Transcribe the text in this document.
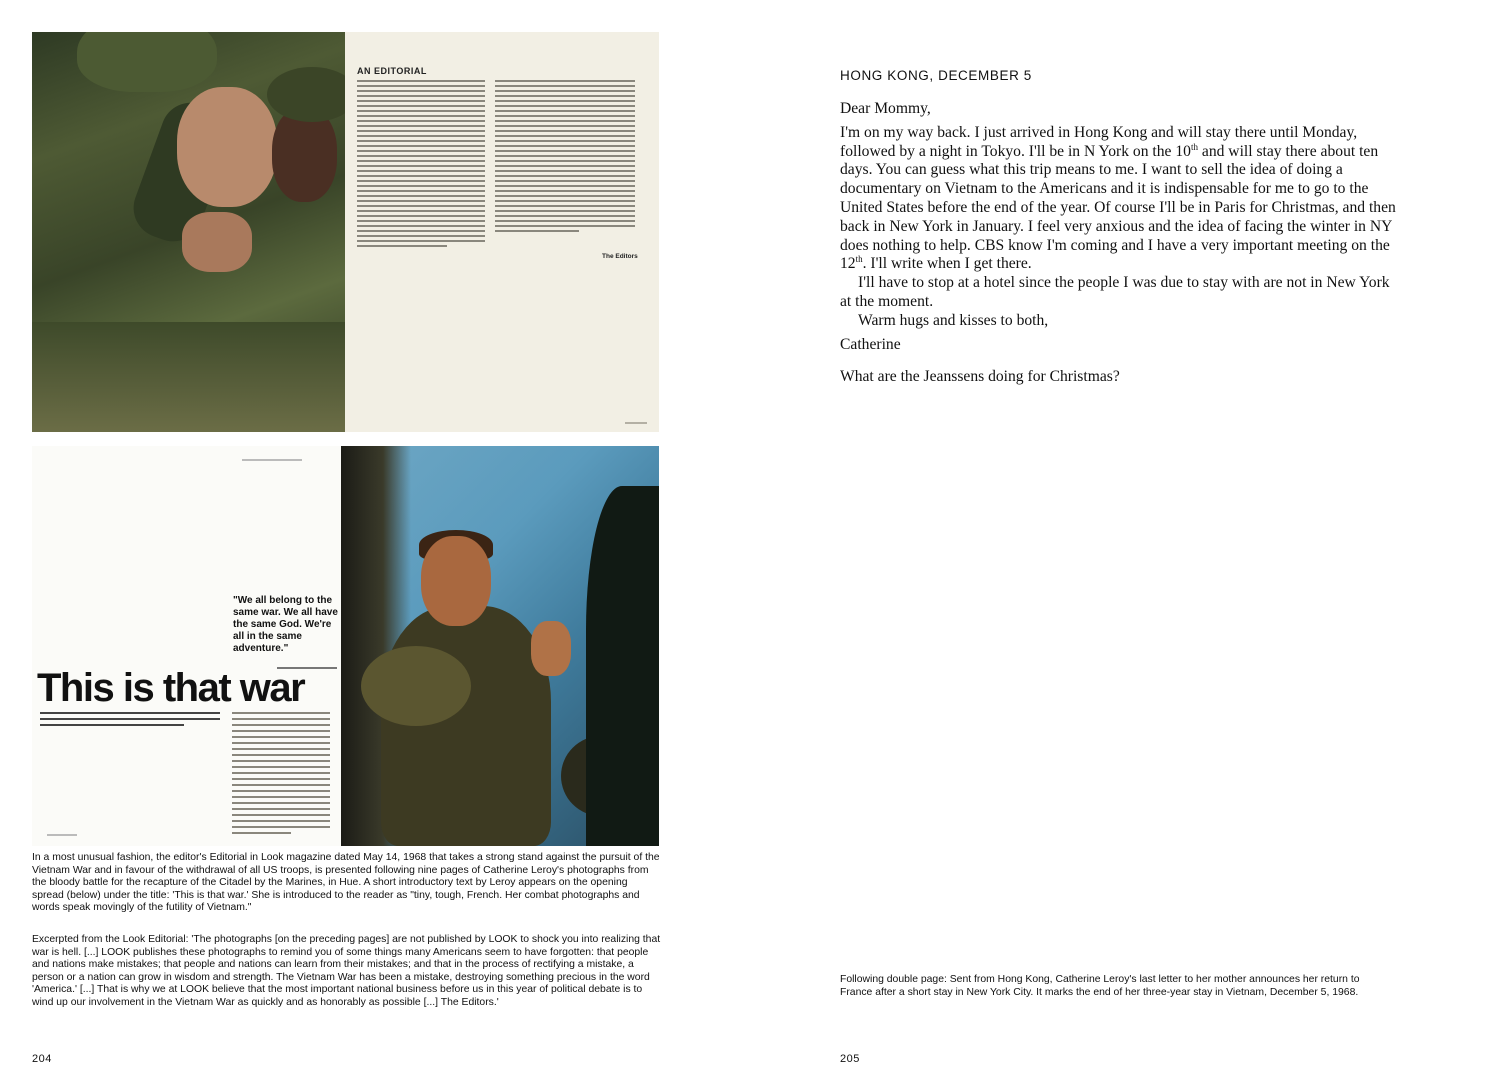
AN EDITORIAL
The Editors
"We all belong to the same war. We all have the same God. We're all in the same adventure."
This is that war

In a most unusual fashion, the editor's Editorial in Look magazine dated May 14, 1968 that takes a strong stand against the pursuit of the Vietnam War and in favour of the withdrawal of all US troops, is presented following nine pages of Catherine Leroy's photographs from the bloody battle for the recapture of the Citadel by the Marines, in Hue. A short introductory text by Leroy appears on the opening spread (below) under the title: 'This is that war.' She is introduced to the reader as "tiny, tough, French. Her combat photographs and words speak movingly of the futility of Vietnam."

Excerpted from the Look Editorial: 'The photographs [on the preceding pages] are not published by LOOK to shock you into realizing that war is hell. [...] LOOK publishes these photographs to remind you of some things many Americans seem to have forgotten: that people and nations make mistakes; that people and nations can learn from their mistakes; and that in the process of rectifying a mistake, a person or a nation can grow in wisdom and strength. The Vietnam War has been a mistake, destroying something precious in the word 'America.' [...] That is why we at LOOK believe that the most important national business before us in this year of political debate is to wind up our involvement in the Vietnam War as quickly and as honorably as possible [...] The Editors.'

204
HONG KONG, DECEMBER 5

Dear Mommy,

I'm on my way back. I just arrived in Hong Kong and will stay there until Monday, followed by a night in Tokyo. I'll be in N York on the 10th and will stay there about ten days. You can guess what this trip means to me. I want to sell the idea of doing a documentary on Vietnam to the Americans and it is indispensable for me to go to the United States before the end of the year. Of course I'll be in Paris for Christmas, and then back in New York in January. I feel very anxious and the idea of facing the winter in NY does nothing to help. CBS know I'm coming and I have a very important meeting on the 12th. I'll write when I get there.

I'll have to stop at a hotel since the people I was due to stay with are not in New York at the moment.

Warm hugs and kisses to both,

Catherine

What are the Jeanssens doing for Christmas?

Following double page: Sent from Hong Kong, Catherine Leroy's last letter to her mother announces her return to France after a short stay in New York City. It marks the end of her three-year stay in Vietnam, December 5, 1968.

205
